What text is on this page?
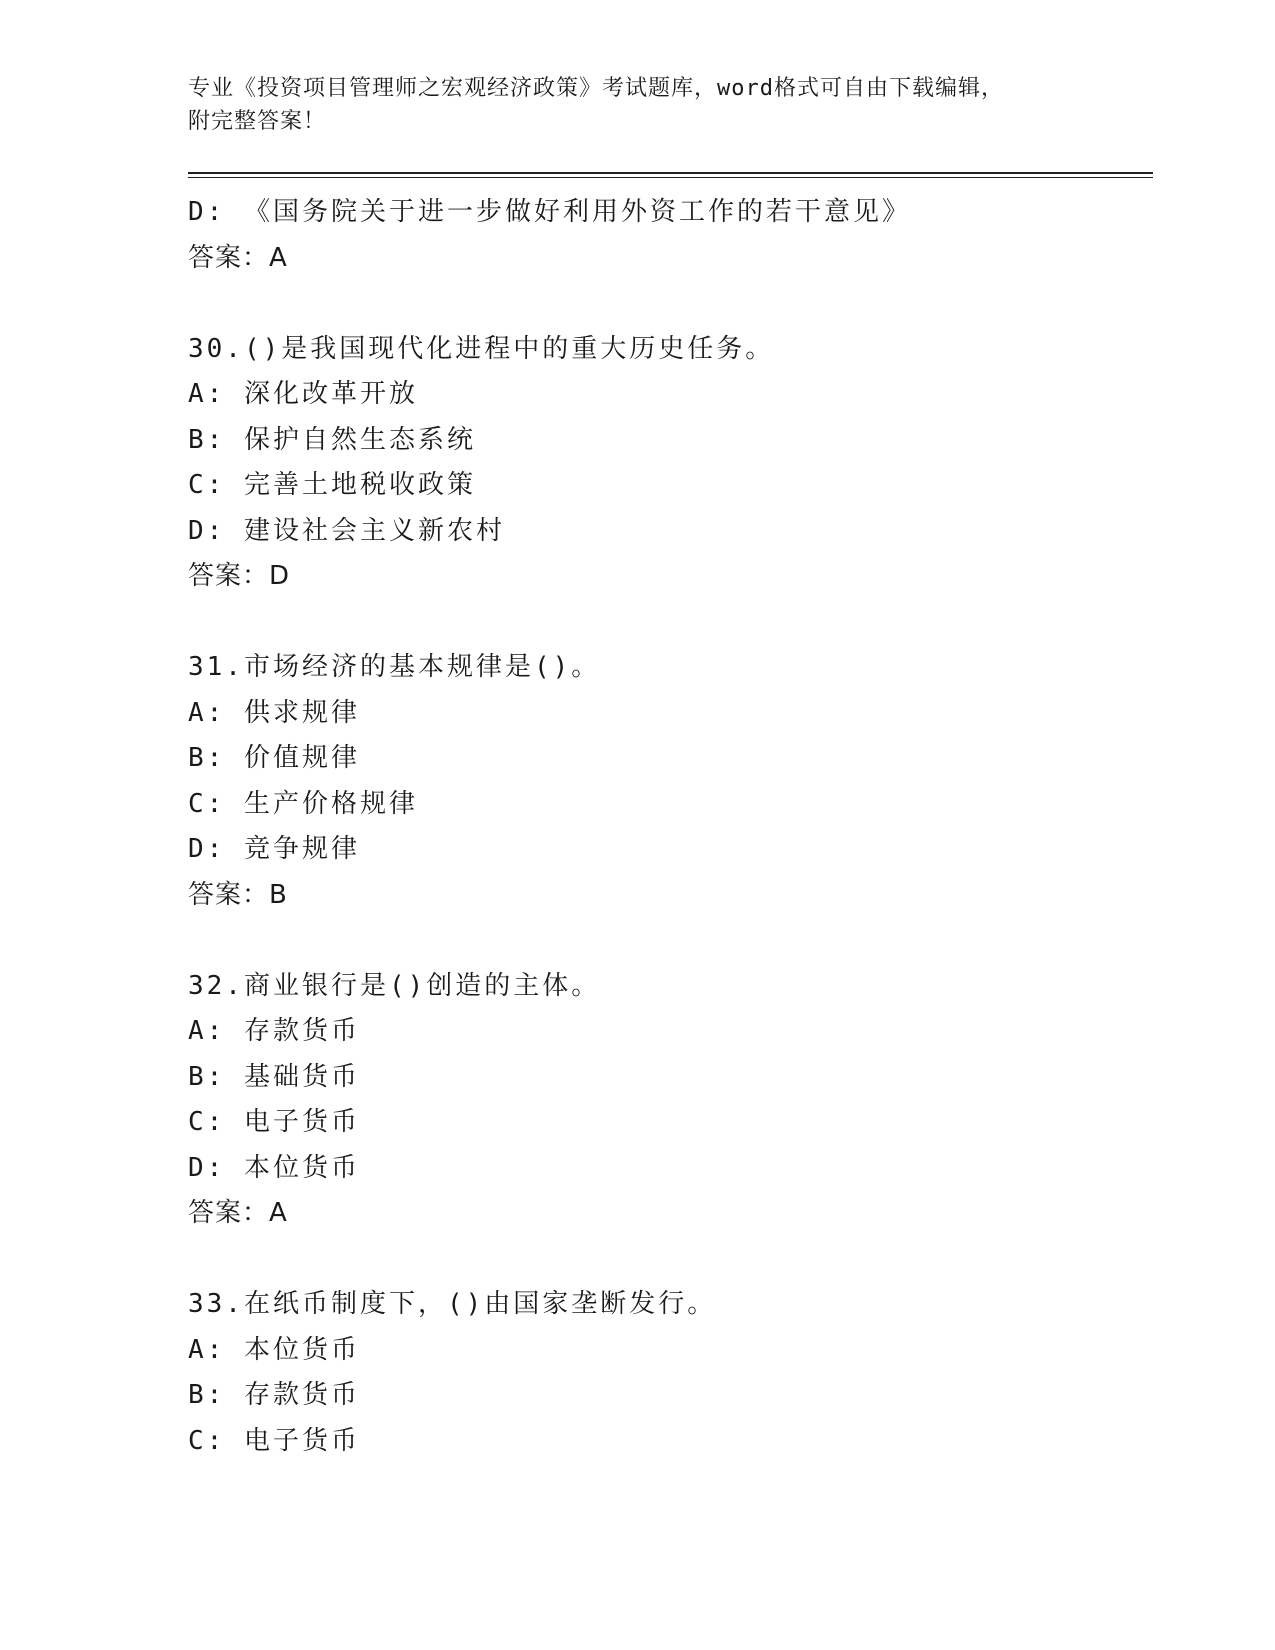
专业《投资项目管理师之宏观经济政策》考试题库，word格式可自由下载编辑，
附完整答案！

D: 《国务院关于进一步做好利用外资工作的若干意见》
答案：A
30.()是我国现代化进程中的重大历史任务。
A: 深化改革开放
B: 保护自然生态系统
C: 完善土地税收政策
D: 建设社会主义新农村
答案：D
31.市场经济的基本规律是()。
A: 供求规律
B: 价值规律
C: 生产价格规律
D: 竞争规律
答案：B
32.商业银行是()创造的主体。
A: 存款货币
B: 基础货币
C: 电子货币
D: 本位货币
答案：A
33.在纸币制度下，()由国家垄断发行。
A: 本位货币
B: 存款货币
C: 电子货币
